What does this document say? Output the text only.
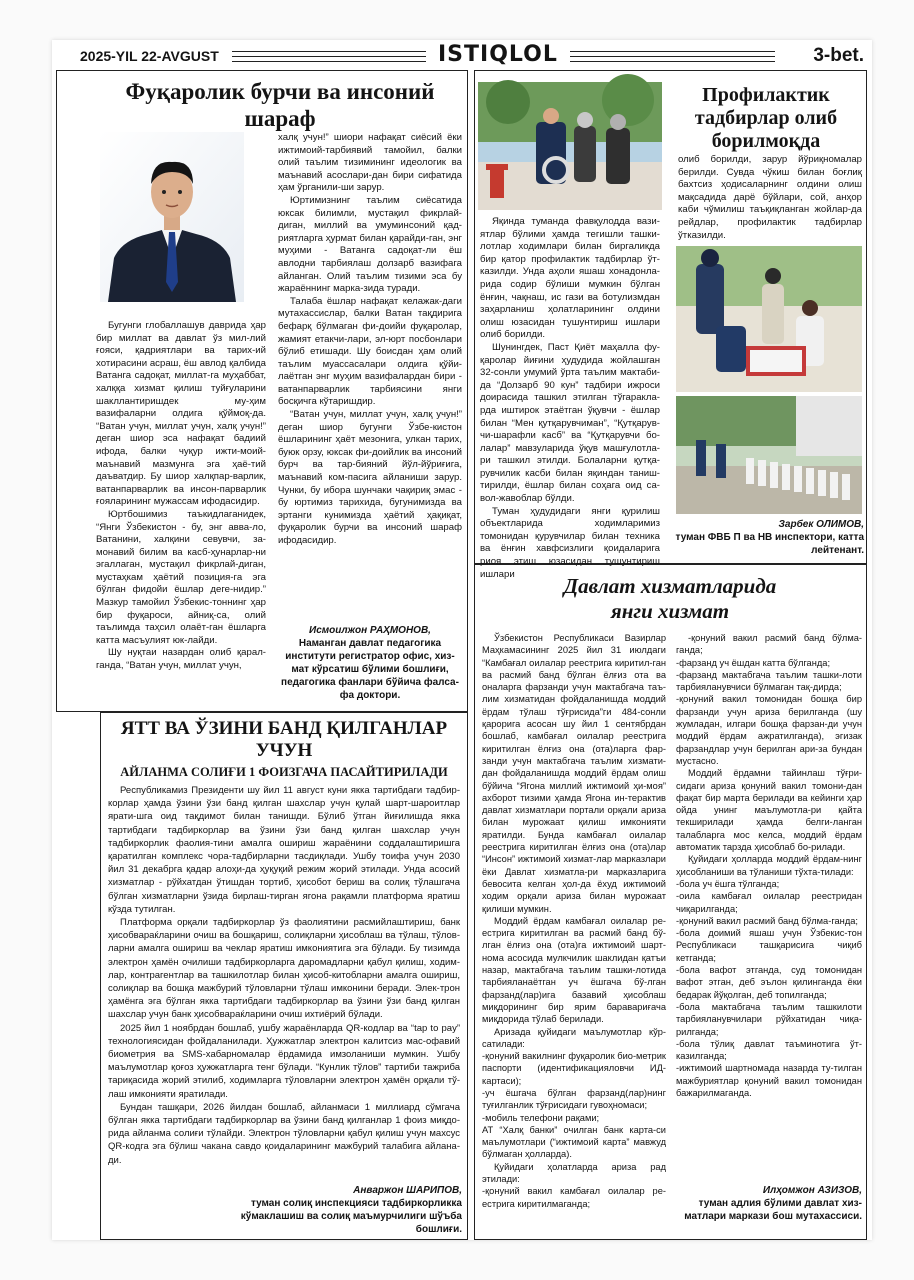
2025-YIL 22-AVGUST	ISTIQLOL	3-bet.
Фуқаролик бурчи ва инсоний шараф

Бугунги глобаллашув даврида ҳар бир миллат ва давлат ўз мил-лий ғояси, қадриятлари ва тарих-ий хотирасини асраш, ёш авлод қалбида Ватанга садоқат, миллат-га муҳаббат, халққа хизмат қилиш туйғуларини шакллантиришдек му-ҳим вазифаларни олдига қўймоқ-да. “Ватан учун, миллат учун, халқ учун!” деган шиор эса нафақат бадиий ифода, балки чуқур ижти-моий-маънавий мазмунга эга ҳаё-тий даъватдир. Бу шиор халқпар-варлик, ватанпарварлик ва инсон-парварлик ғояларининг мужассам ифодасидир.

Юртбошимиз таъкидлаганидек, “Янги Ўзбекистон - бу, энг авва-ло, Ватанини, халқини севувчи, за-монавий билим ва касб-ҳунарлар-ни эгаллаган, мустақил фикрлай-диган, мустаҳкам ҳаётий позиция-га эга бўлган фидойи ёшлар деге-нидир.” Мазкур тамойил Ўзбекис-тоннинг ҳар бир фуқароси, айниқ-са, олий таълимда таҳсил олаёт-ган ёшларга катта масъулият юк-лайди.

Шу нуқтаи назардан олиб қарал-ганда, “Ватан учун, миллат учун,

халқ учун!” шиори нафақат сиёсий ёки ижтимоий-тарбиявий тамойил, балки олий таълим тизимининг идеологик ва маънавий асослари-дан бири сифатида ҳам ўрганили-ши зарур.

Юртимизнинг таълим сиёсатида юксак билимли, мустақил фикрлай-диган, миллий ва умуминсоний қад-риятларга ҳурмат билан қарайди-ган, энг муҳими - Ватанга садоқат-ли ёш авлодни тарбиялаш долзарб вазифага айланган. Олий таълим тизими эса бу жараённинг марка-зида туради.

Талаба ёшлар нафақат келажак-даги мутахассислар, балки Ватан тақдирига бефарқ бўлмаган фи-доийи фуқаролар, жамият етакчи-лари, эл-юрт посбонлари бўлиб етишади. Шу боисдан ҳам олий таълим муассасалари олдига қўйи-лаётган энг муҳим вазифалардан бири - ватанпарварлик тарбиясини янги босқичга кўтаришдир.

“Ватан учун, миллат учун, халқ учун!” деган шиор бугунги Ўзбе-кистон ёшларининг ҳаёт мезонига, улкан тарих, буюк орзу, юксак фи-доийлик ва инсоний бурч ва тар-бияний йўл-йўриғига, маънавий ком-пасига айланиши зарур. Чунки, бу ибора шунчаки чақириқ эмас - бу юртимиз тарихида, бугунимизда ва эртанги кунимизда ҳаётий ҳақиқат, фуқаролик бурчи ва инсоний шараф ифодасидир.

Исмоилжон РАҲМОНОВ,
Наманган давлат педагогика институти регистратор офис, хиз-мат кўрсатиш бўлими бошлиғи, педагогика фанлари бўйича фалса-фа доктори.
ЯТТ ВА ЎЗИНИ БАНД ҚИЛГАНЛАР
УЧУН
АЙЛАНМА СОЛИҒИ 1 ФОИЗГАЧА ПАСАЙТИРИЛАДИ

Республикамиз Президенти шу йил 11 август куни якка тартибдаги тадбир-корлар ҳамда ўзини ўзи банд қилган шахслар учун қулай шарт-шароитлар ярати-шга оид тақдимот билан танишди. Бўлиб ўтган йиғилишда якка тартибдаги тадбиркорлар ва ўзини ўзи банд қилган шахслар учун тадбиркорлик фаолия-тини амалга ошириш жараёнини соддалаштиришга қаратилган комплекс чора-тадбирларни тасдиқлади. Ушбу тоифа учун 2030 йил 31 декабрга қадар алоҳи-да ҳуқуқий режим жорий этилади. Унда асосий хизматлар - рўйхатдан ўтишдан тортиб, ҳисобот бериш ва солиқ тўлашгача бўлган хизматларни ўзида бирлаш-тирган ягона рақамли платформа яратиш кўзда тутилган.

Платформа орқали тадбиркорлар ўз фаолиятини расмийлаштириш, банк ҳисобвараќларини очиш ва бошқариш, солиқларни ҳисоблаш ва тўлаш, тўлов-ларни амалга ошириш ва чеклар яратиш имкониятига эга бўлади. Бу тизимда электрон ҳамён очилиши тадбиркорларга даромадларни қабул қилиш, ходим-лар, контрагентлар ва ташкилотлар билан ҳисоб-китобларни амалга ошириш, солиқлар ва бошқа мажбурий тўловларни тўлаш имконини беради. Элек-трон ҳамёнга эга бўлган якка тартибдаги тадбиркорлар ва ўзини ўзи банд қилган шахслар учун банк ҳисобвараќларини очиш ихтиёрий бўлади.

2025 йил 1 ноябрдан бошлаб, ушбу жараёнларда QR-кодлар ва “tap to pay” технологиясидан фойдаланилади. Ҳужжатлар электрон калитсиз мас-офавий биометрия ва SMS-хабарномалар ёрдамида имзоланиши мумкин. Ушбу маълумотлар қоғоз ҳужжатларга тенг бўлади. “Кунлик тўлов” тартиби тажриба тариқасида жорий этилиб, ходимларга тўловларни электрон ҳамён орқали тў-лаш имконияти яратилади.

Бундан ташқари, 2026 йилдан бошлаб, айланмаси 1 миллиард сўмгача бўлган якка тартибдаги тадбиркорлар ва ўзини банд қилганлар 1 фоиз миқдо-рида айланма солиғи тўлайди. Электрон тўловларни қабул қилиш учун махсус QR-кодга эга бўлиш чакана савдо қоидаларининг мажбурий талабига айлана-ди.

Анваржон ШАРИПОВ,
туман солиқ инспекцияси тадбиркорликка кўмаклашиш ва солиқ маъмурчилиги шўъба бошлиғи.
Профилактик тадбирлар олиб борилмоқда

Яқинда туманда фавқулодда вази-ятлар бўлими ҳамда тегишли ташки-лотлар ходимлари билан биргаликда бир қатор профилактик тадбирлар ўт-казилди. Унда аҳоли яшаш хонадонла-рида содир бўлиши мумкин бўлган ёнғин, чақнаш, ис гази ва ботулизмдан заҳарланиш ҳолатларининг олдини олиш юзасидан тушунтириш ишлари олиб борилди.

Шунингдек, Паст Қиёт маҳалла фу-қаролар йиғини ҳудудида жойлашган 32-сонли умумий ўрта таълим мактаби-да “Долзарб 90 кун” тадбири ижроси доирасида ташкил этилган тўгаракла-рда иштирок этаётган ўқувчи - ёшлар билан “Мен қутқарувчиман”, “Қутқарув-чи-шарафли касб” ва “Қутқарувчи бо-лалар” мавзуларида ўқув машғулотла-ри ташкил этилди. Болаларни қутқа-рувчилик касби билан яқиндан таниш-тирилди, ёшлар билан соҳага оид са-вол-жавоблар бўлди.

Туман ҳудудидаги янги қурилиш объектларида ходимларимиз томонидан қурувчилар билан техника ва ёнғин хавфсизлиги қоидаларига риоя этиш юзасидан тушунтириш ишлари

олиб борилди, зарур йўриқномалар берилди. Сувда чўкиш билан боғлиқ бахтсиз ҳодисаларнинг олдини олиш мақсадида дарё бўйлари, сой, анҳор каби чўмилиш таъқиқланган жойлар-да рейдлар, профилактик тадбирлар ўтказилди.

Зарбек ОЛИМОВ,
туман ФВБ П ва НВ инспектори, катта лейтенант.
Давлат хизматларида
янги хизмат

Ўзбекистон Республикаси Вазирлар Маҳкамасининг 2025 йил 31 июлдаги “Камбағал оилалар реестрига киритил-ган ва расмий банд бўлган ёлғиз ота ва оналарга фарзанди учун мактабгача таъ-лим хизматидан фойдаланишда моддий ёрдам тўлаш тўғрисида”ги 484-сонли қарорига асосан шу йил 1 сентябрдан бошлаб, камбағал оилалар реестрига киритилган ёлғиз она (ота)ларга фар-занди учун мактабгача таълим хизмати-дан фойдаланишда моддий ёрдам олиш бўйича “Ягона миллий ижтимоий ҳи-моя” ахборот тизими ҳамда Ягона ин-терактив давлат хизматлари портали орқали ариза билан мурожаат қилиш имконияти яратилди. Бунда камбағал оилалар реестрига киритилган ёлғиз она (ота)лар “Инсон” ижтимоий хизмат-лар марказлари ёки Давлат хизматла-ри марказларига бевосита келган ҳол-да ёхуд ижтимоий ходим орқали ариза билан мурожаат қилиши мумкин.

Моддий ёрдам камбағал оилалар ре-естрига киритилган ва расмий банд бў-лган ёлғиз она (ота)га ижтимоий шарт-нома асосида мулкчилик шаклидан қатъи назар, мактабгача таълим ташки-лотида тарбияланаётган уч ёшгача бў-лган фарзанд(лар)ига базавий ҳисоблаш миқдорининг бир ярим баравариғача миқдорида тўлаб берилади.

Аризада қуйидаги маълумотлар кўр-сатилади:
-қонуний вакилнинг фуқаролик био-метрик паспорти (идентификацияловчи ИД-картаси);
-уч ёшгача бўлган фарзанд(лар)нинг туғилганлик тўғрисидаги гувоҳномаси;
-мобиль телефони рақами;
АТ “Халқ банки” очилган банк карта-си маълумотлари (“ижтимоий карта” мавжуд бўлмаган ҳолларда).

Қуйидаги ҳолатларда ариза рад этилади:
-қонуний вакил камбағал оилалар ре-естрига киритилмаганда;

-қонуний вакил расмий банд бўлма-ганда;
-фарзанд уч ёшдан катта бўлганда;
-фарзанд мактабгача таълим ташки-лоти тарбияланувчиси бўлмаган тақ-дирда;
-қонуний вакил томонидан бошқа бир фарзанди учун ариза берилганда (шу жумладан, илгари бошқа фарзан-ди учун моддий ёрдам ажратилганда), эгизак фарзандлар учун берилган ари-за бундан мустасно.

Моддий ёрдамни тайинлаш тўғри-сидаги ариза қонуний вакил томони-дан фақат бир марта берилади ва кейинги ҳар ойда унинг маълумотла-ри қайта текширилади ҳамда белги-ланган талабларга мос келса, моддий ёрдам автоматик тарзда ҳисоблаб бо-рилади.

Қуйидаги ҳолларда моддий ёрдам-нинг ҳисобланиши ва тўланиши тўхта-тилади:
-бола уч ёшга тўлганда;
-оила камбағал оилалар реестридан чиқарилганда;
-қонуний вакил расмий банд бўлма-ганда;
-бола доимий яшаш учун Ўзбекис-тон Республикаси ташқарисига чиқиб кетганда;
-бола вафот этганда, суд томонидан вафот этган, деб эълон қилинганда ёки бедарак йўқолган, деб топилганда;
-бола мактабгача таълим ташкилоти тарбияланувчилари рўйхатидан чиқа-рилганда;
-бола тўлиқ давлат таъминотига ўт-казилганда;
-ижтимоий шартномада назарда ту-тилган мажбуриятлар қонуний вакил томонидан бажарилмаганда.

Илҳомжон АЗИЗОВ,
туман адлия бўлими давлат хиз-матлари маркази бош мутахассиси.
